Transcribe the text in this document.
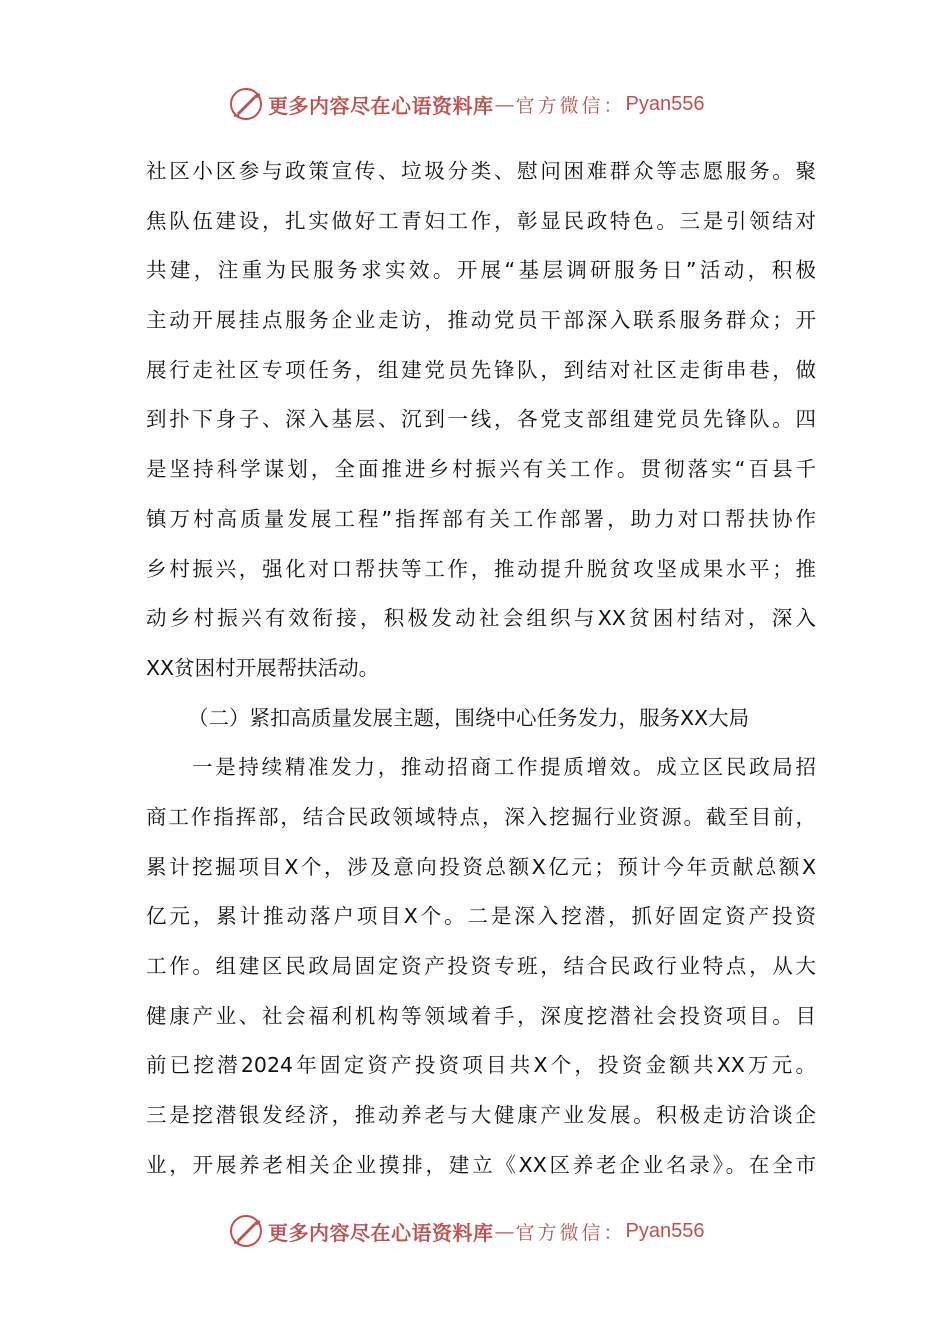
更多内容尽在心语资料库 — 官方微信： Pyan556
社区小区参与政策宣传、垃圾分类、慰问困难群众等志愿服务。聚
焦队伍建设，扎实做好工青妇工作，彰显民政特色。三是引领结对
共建，注重为民服务求实效。开展“基层调研服务日”活动，积极
主动开展挂点服务企业走访，推动党员干部深入联系服务群众；开
展行走社区专项任务，组建党员先锋队，到结对社区走街串巷，做
到扑下身子、深入基层、沉到一线，各党支部组建党员先锋队。四
是坚持科学谋划，全面推进乡村振兴有关工作。贯彻落实“百县千
镇万村高质量发展工程”指挥部有关工作部署，助力对口帮扶协作
乡村振兴，强化对口帮扶等工作，推动提升脱贫攻坚成果水平；推
动乡村振兴有效衔接，积极发动社会组织与XX贫困村结对，深入
XX贫困村开展帮扶活动。
（二）紧扣高质量发展主题，围绕中心任务发力，服务XX大局
一是持续精准发力，推动招商工作提质增效。成立区民政局招
商工作指挥部，结合民政领域特点，深入挖掘行业资源。截至目前，
累计挖掘项目X个，涉及意向投资总额X亿元；预计今年贡献总额X
亿元，累计推动落户项目X个。二是深入挖潜，抓好固定资产投资
工作。组建区民政局固定资产投资专班，结合民政行业特点，从大
健康产业、社会福利机构等领域着手，深度挖潜社会投资项目。目
前已挖潜2024年固定资产投资项目共X个，投资金额共XX万元。
三是挖潜银发经济，推动养老与大健康产业发展。积极走访洽谈企
业，开展养老相关企业摸排，建立《XX区养老企业名录》。在全市
更多内容尽在心语资料库 — 官方微信： Pyan556
